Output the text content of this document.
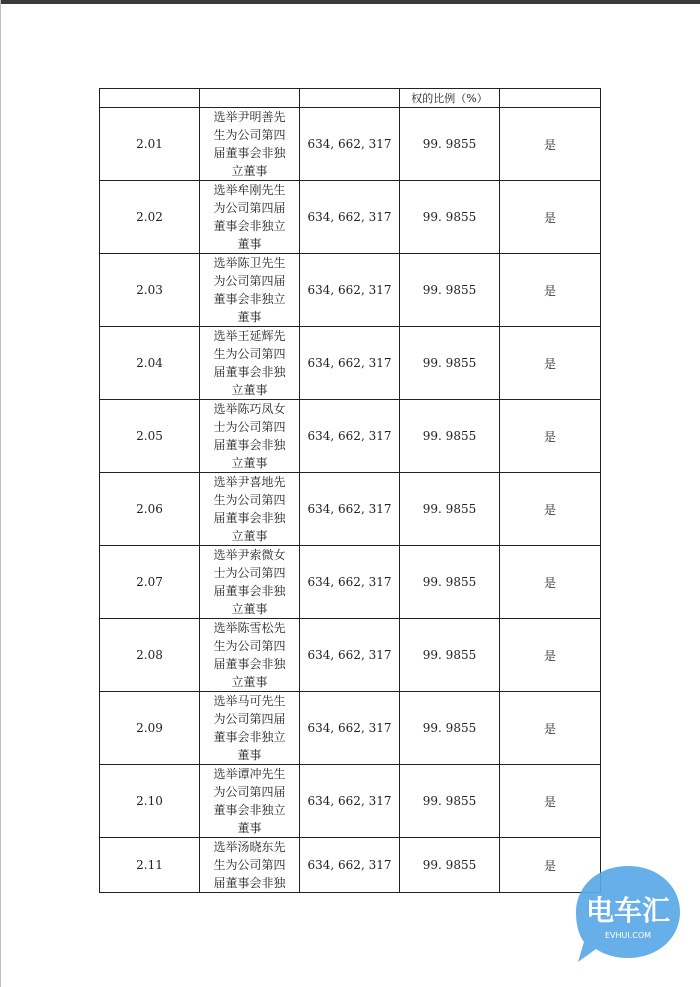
			权的比例（%）	
2.01	选举尹明善先
生为公司第四
届董事会非独
立董事	634, 662, 317	99. 9855	是
2.02	选举牟刚先生
为公司第四届
董事会非独立
董事	634, 662, 317	99. 9855	是
2.03	选举陈卫先生
为公司第四届
董事会非独立
董事	634, 662, 317	99. 9855	是
2.04	选举王延辉先
生为公司第四
届董事会非独
立董事	634, 662, 317	99. 9855	是
2.05	选举陈巧凤女
士为公司第四
届董事会非独
立董事	634, 662, 317	99. 9855	是
2.06	选举尹喜地先
生为公司第四
届董事会非独
立董事	634, 662, 317	99. 9855	是
2.07	选举尹索微女
士为公司第四
届董事会非独
立董事	634, 662, 317	99. 9855	是
2.08	选举陈雪松先
生为公司第四
届董事会非独
立董事	634, 662, 317	99. 9855	是
2.09	选举马可先生
为公司第四届
董事会非独立
董事	634, 662, 317	99. 9855	是
2.10	选举谭冲先生
为公司第四届
董事会非独立
董事	634, 662, 317	99. 9855	是
2.11	选举汤晓东先
生为公司第四
届董事会非独	634, 662, 317	99. 9855	是
电车汇
EVHUI.COM
